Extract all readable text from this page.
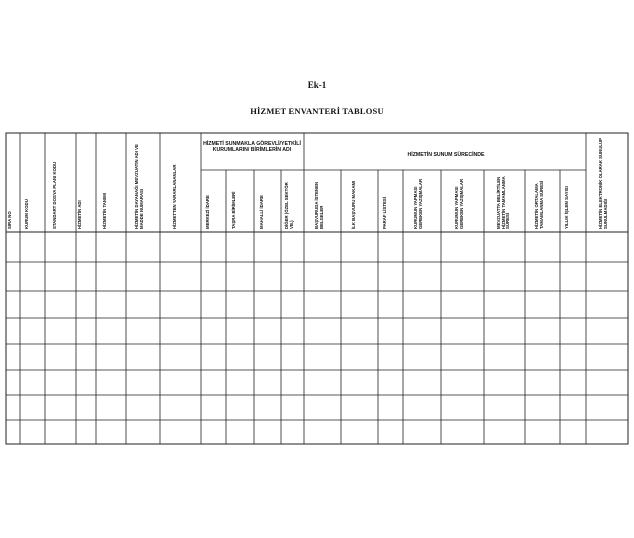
Ek-1
HİZMET ENVANTERİ TABLOSU
SIRA NO	KURUM KODU	STANDART DOSYA PLANI KODU	HİZMETİN ADI	HİZMETİN TANIMI	HİZMETİN DAYANAĞI MEVZUATIN ADI VE MADDE NUMARASI	HİZMETTEN YARARLANANLAR	MERKEZİ İDARE	TAŞRA BİRİMLERİ	MAHALLİ İDARE	DİĞER (ÖZEL SEKTÖR VB.)	BAŞVURUDA İSTENEN BELGELER	İLK BAŞVURU MAKAMI	PARAF LİSTESİ	KURUMUN YAPMASI GEREKEN YAZIŞMALAR	KURUMUN YAPMASI GEREKEN YAZIŞMALAR	MEVZUATTA BELİRTİLEN HİZMETİN TAMAMLANMA SÜRESİ	HİZMETİN ORTALAMA TAMAMLANMA SÜRESİ	YILLIK İŞLEM SAYISI	HİZMETİN ELEKTRONİK OLARAK SUNULUP SUNULMADIĞI
HİZMETİ SUNMAKLA GÖREVLİ/YETKİLİ KURUMLARIN/ BİRİMLERİN ADI
HİZMETİN SUNUM SÜRECİNDE
